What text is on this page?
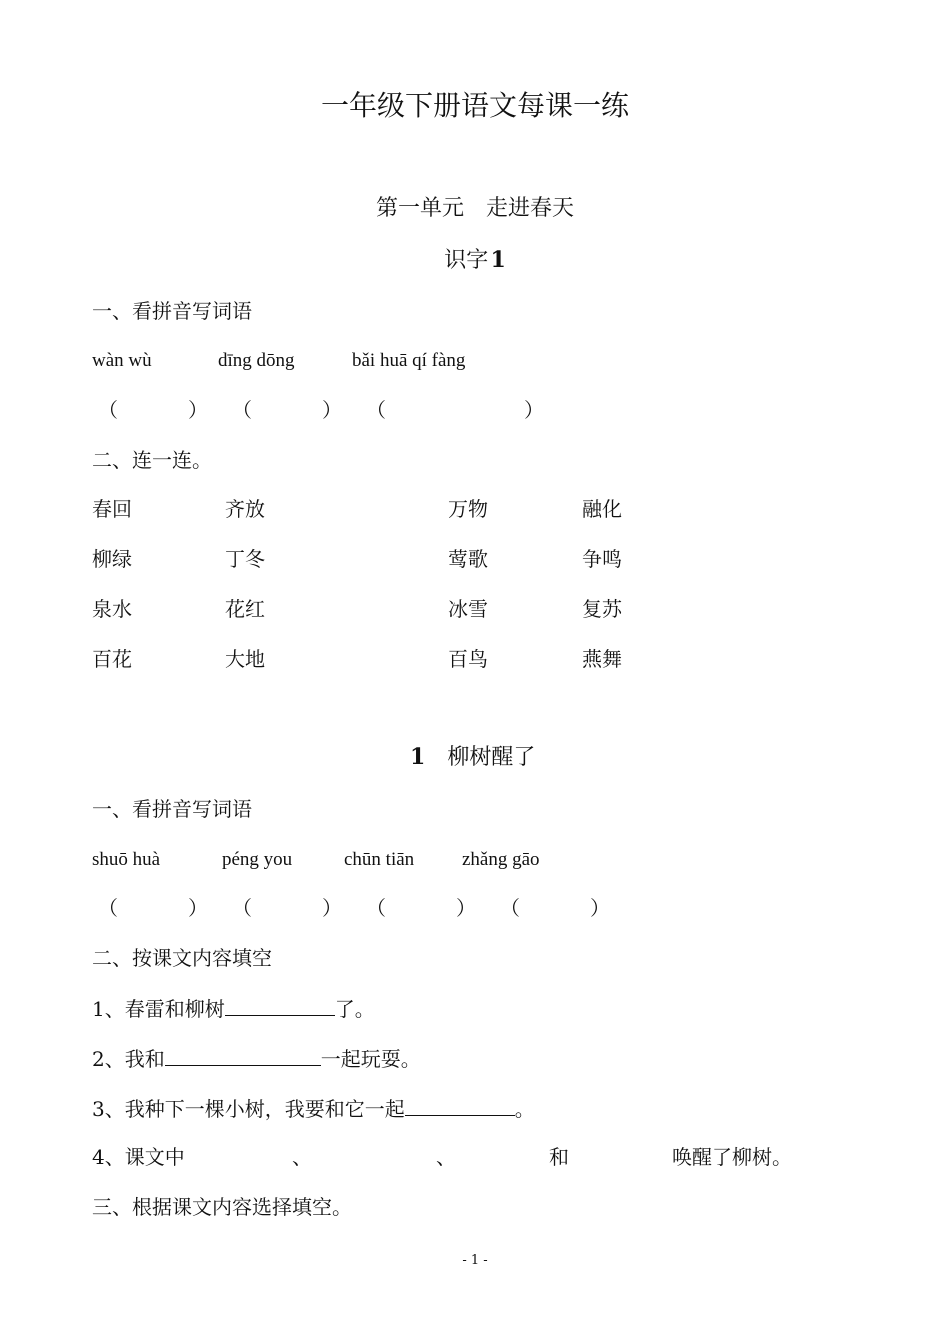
一年级下册语文每课一练
第一单元　走进春天
识字  1
一、看拼音写词语
wàn wù	dīng dōng	bǎi huā qí fàng
（	） （	） （	）
二、连一连。
春回	齐放	万物	融化
柳绿	丁冬	莺歌	争鸣
泉水	花红	冰雪	复苏
百花	大地	百鸟	燕舞
1 柳树醒了
一、看拼音写词语
shuō huà	péng you	chūn tiān	zhǎng gāo
（	） （	） （	） （	）
二、按课文内容填空
1、春雷和柳树	了。
2、我和	一起玩耍。
3、我种下一棵小树，我要和它一起	。
4、课文中	、	、	和	唤醒了柳树。
三、根据课文内容选择填空。
- 1 -
